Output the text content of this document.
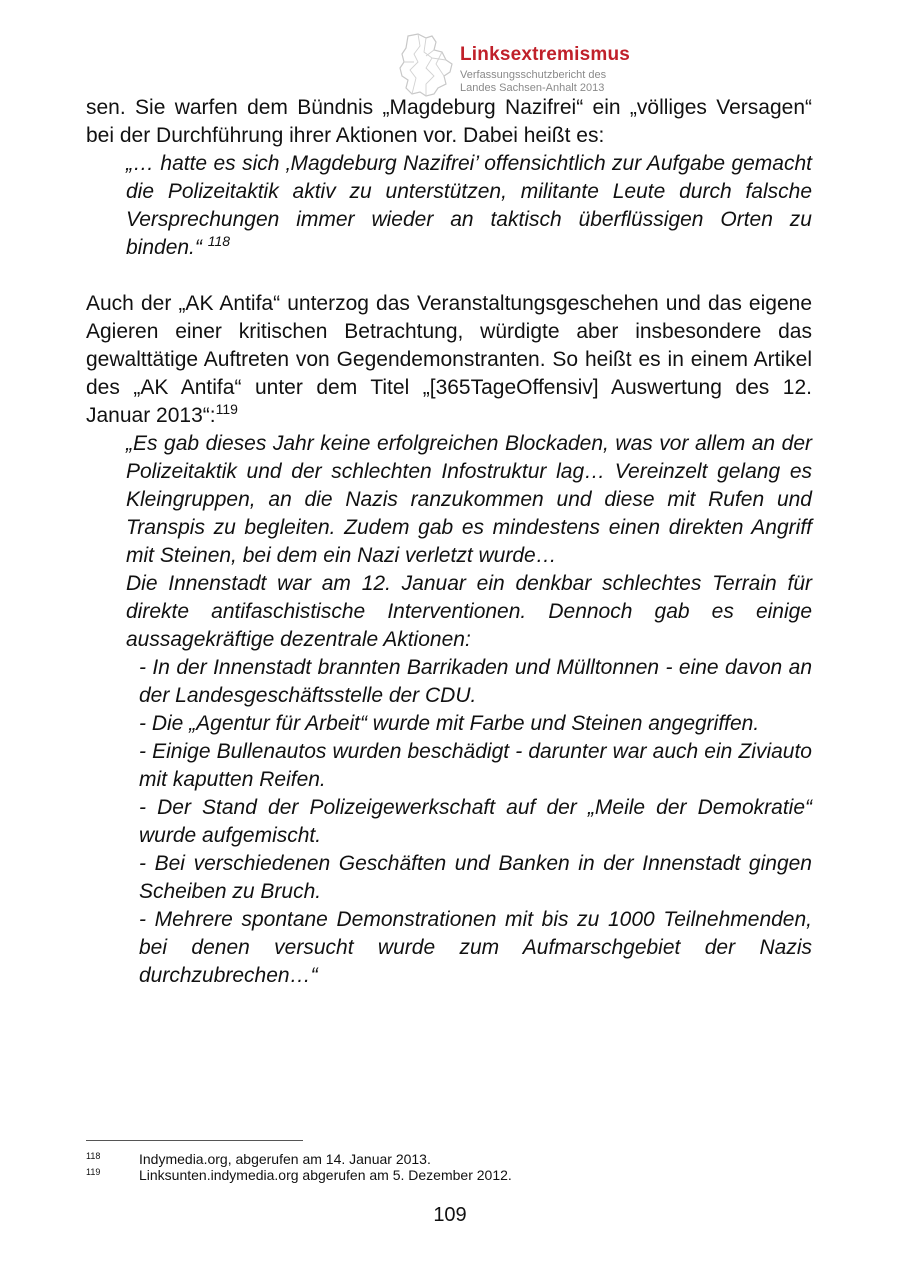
Linksextremismus
Verfassungsschutzbericht des
Landes Sachsen-Anhalt 2013

sen. Sie warfen dem Bündnis „Magdeburg Nazifrei“ ein „völliges Versagen“ bei der Durchführung ihrer Aktionen vor. Dabei heißt es:

„… hatte es sich ‚Magdeburg Nazifrei’ offensichtlich zur Aufgabe gemacht die Polizeitaktik aktiv zu unterstützen, militante Leute durch falsche Versprechungen immer wieder an taktisch überflüssigen Orten zu binden.“ $^{118}$

Auch der „AK Antifa“ unterzog das Veranstaltungsgeschehen und das eigene Agieren einer kritischen Betrachtung, würdigte aber insbesondere das gewalttätige Auftreten von Gegendemonstranten. So heißt es in einem Artikel des „AK Antifa“ unter dem Titel „[365TageOffensiv] Auswertung des 12. Januar 2013“:$^{119}$

„Es gab dieses Jahr keine erfolgreichen Blockaden, was vor allem an der Polizeitaktik und der schlechten Infostruktur lag… Vereinzelt gelang es Kleingruppen, an die Nazis ranzukommen und diese mit Rufen und Transpis zu begleiten. Zudem gab es mindestens einen direkten Angriff mit Steinen, bei dem ein Nazi verletzt wurde…

Die Innenstadt war am 12. Januar ein denkbar schlechtes Terrain für direkte antifaschistische Interventionen. Dennoch gab es einige aussagekräftige dezentrale Aktionen:

- In der Innenstadt brannten Barrikaden und Mülltonnen - eine davon an der Landesgeschäftsstelle der CDU.

- Die „Agentur für Arbeit“ wurde mit Farbe und Steinen angegriffen.

- Einige Bullenautos wurden beschädigt - darunter war auch ein Ziviauto mit kaputten Reifen.

- Der Stand der Polizeigewerkschaft auf der „Meile der Demokratie“ wurde aufgemischt.

- Bei verschiedenen Geschäften und Banken in der Innenstadt gingen Scheiben zu Bruch.

- Mehrere spontane Demonstrationen mit bis zu 1000 Teilnehmenden, bei denen versucht wurde zum Aufmarschgebiet der Nazis durchzubrechen…“

118	Indymedia.org, abgerufen am 14. Januar 2013.
119	Linksunten.indymedia.org abgerufen am 5. Dezember 2012.
109
